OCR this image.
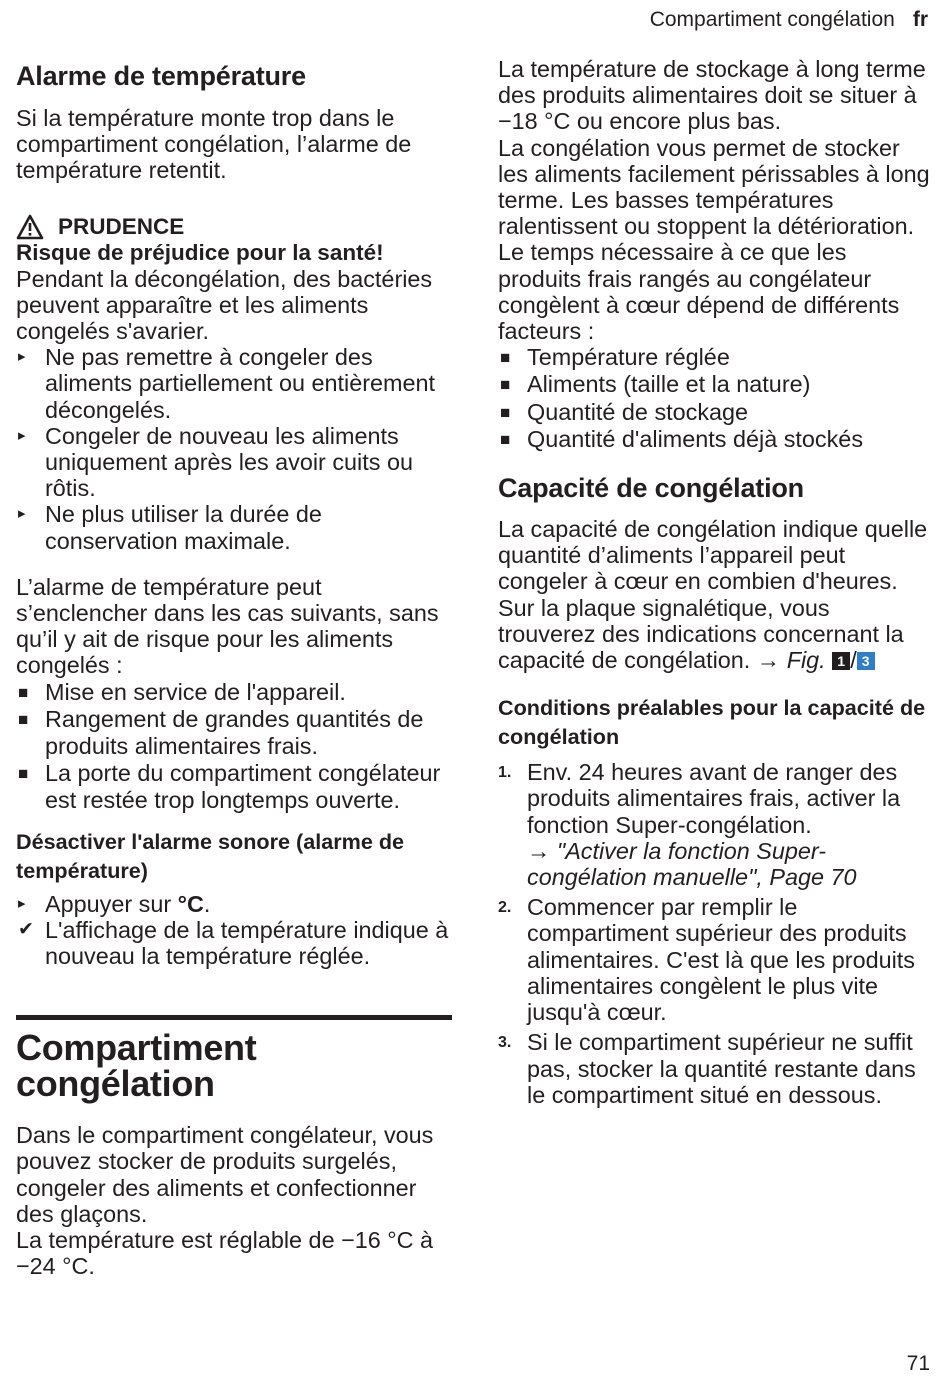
Compartiment congélation fr
Alarme de température
Si la température monte trop dans le compartiment congélation, l’alarme de température retentit.
PRUDENCE
Risque de préjudice pour la santé!
Pendant la décongélation, des bactéries peuvent apparaître et les aliments congelés s'avarier.
▸ Ne pas remettre à congeler des aliments partiellement ou entièrement décongelés.
▸ Congeler de nouveau les aliments uniquement après les avoir cuits ou rôtis.
▸ Ne plus utiliser la durée de conservation maximale.
L’alarme de température peut s’enclencher dans les cas suivants, sans qu’il y ait de risque pour les aliments congelés :
■ Mise en service de l'appareil.
■ Rangement de grandes quantités de produits alimentaires frais.
■ La porte du compartiment congélateur est restée trop longtemps ouverte.
Désactiver l'alarme sonore (alarme de température)
▸ Appuyer sur °C.
✔ L'affichage de la température indique à nouveau la température réglée.
Compartiment congélation
Dans le compartiment congélateur, vous pouvez stocker de produits surgelés, congeler des aliments et confectionner des glaçons.
La température est réglable de −16 °C à −24 °C.
La température de stockage à long terme des produits alimentaires doit se situer à −18 °C ou encore plus bas.
La congélation vous permet de stocker les aliments facilement périssables à long terme. Les basses températures ralentissent ou stoppent la détérioration.
Le temps nécessaire à ce que les produits frais rangés au congélateur congèlent à cœur dépend de différents facteurs :
■ Température réglée
■ Aliments (taille et la nature)
■ Quantité de stockage
■ Quantité d'aliments déjà stockés
Capacité de congélation
La capacité de congélation indique quelle quantité d’aliments l’appareil peut congeler à cœur en combien d'heures.
Sur la plaque signalétique, vous trouverez des indications concernant la capacité de congélation. → Fig. 1 / 3
Conditions préalables pour la capacité de congélation
1. Env. 24 heures avant de ranger des produits alimentaires frais, activer la fonction Super-congélation.
→ "Activer la fonction Super-congélation manuelle", Page 70
2. Commencer par remplir le compartiment supérieur des produits alimentaires. C'est là que les produits alimentaires congèlent le plus vite jusqu'à cœur.
3. Si le compartiment supérieur ne suffit pas, stocker la quantité restante dans le compartiment situé en dessous.
71
